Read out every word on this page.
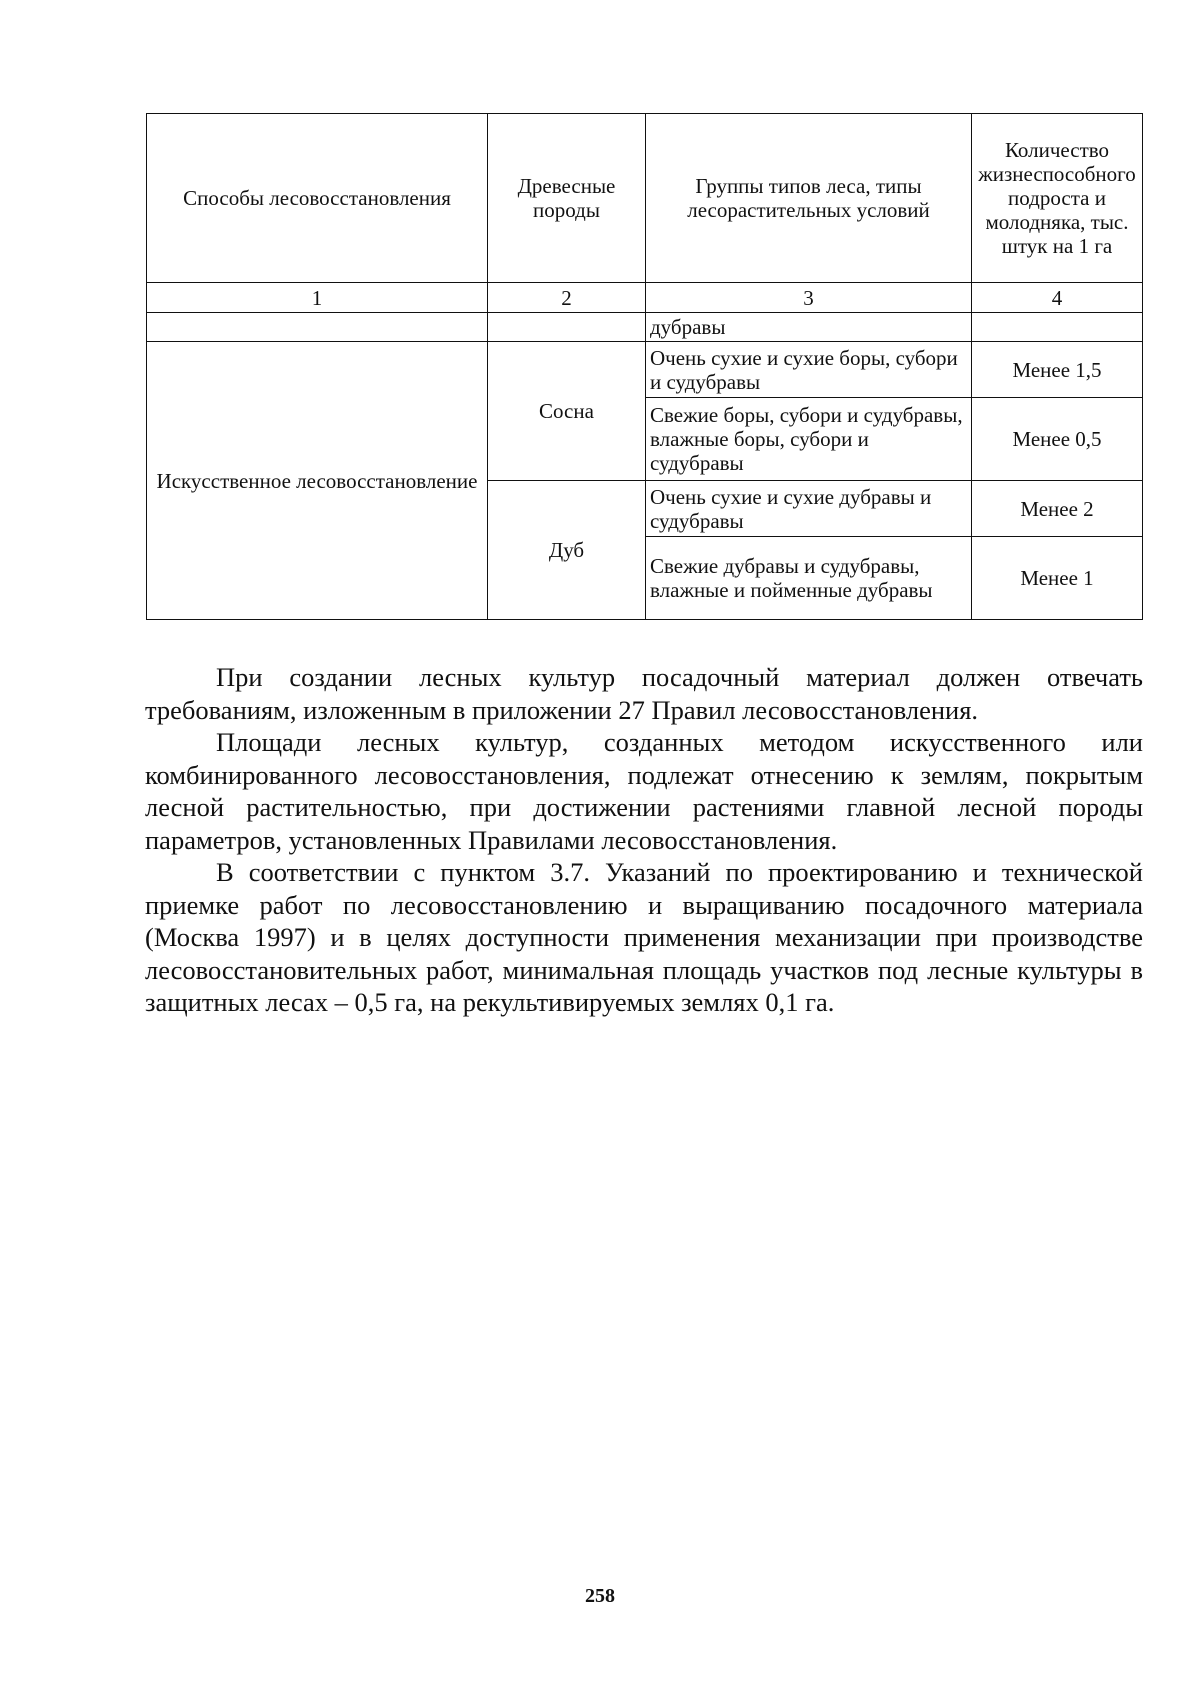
Способы лесовосстановления	Древесные породы	Группы типов леса, типы лесорастительных условий	Количество жизнеспособного подроста и молодняка, тыс. штук на 1 га
1	2	3	4
		дубравы	
Искусственное лесовосстановление	Сосна	Очень сухие и сухие боры, субори и судубравы	Менее 1,5

		Свежие боры, субори и судубравы, влажные боры, субори и судубравы	Менее 0,5
	Дуб	Очень сухие и сухие дубравы и судубравы	Менее 2

		Свежие дубравы и судубравы, влажные и пойменные дубравы	Менее 1

При создании лесных культур посадочный материал должен отвечать требованиям, изложенным в приложении 27 Правил лесовосстановления.

Площади лесных культур, созданных методом искусственного или комбинированного лесовосстановления, подлежат отнесению к землям, покрытым лесной растительностью, при достижении растениями главной лесной породы параметров, установленных Правилами лесовосстановления.

В соответствии с пунктом 3.7. Указаний по проектированию и технической приемке работ по лесовосстановлению и выращиванию посадочного материала (Москва 1997) и в целях доступности применения механизации при производстве лесовосстановительных работ, минимальная площадь участков под лесные культуры в защитных лесах – 0,5 га, на рекультивируемых землях 0,1 га.

258
